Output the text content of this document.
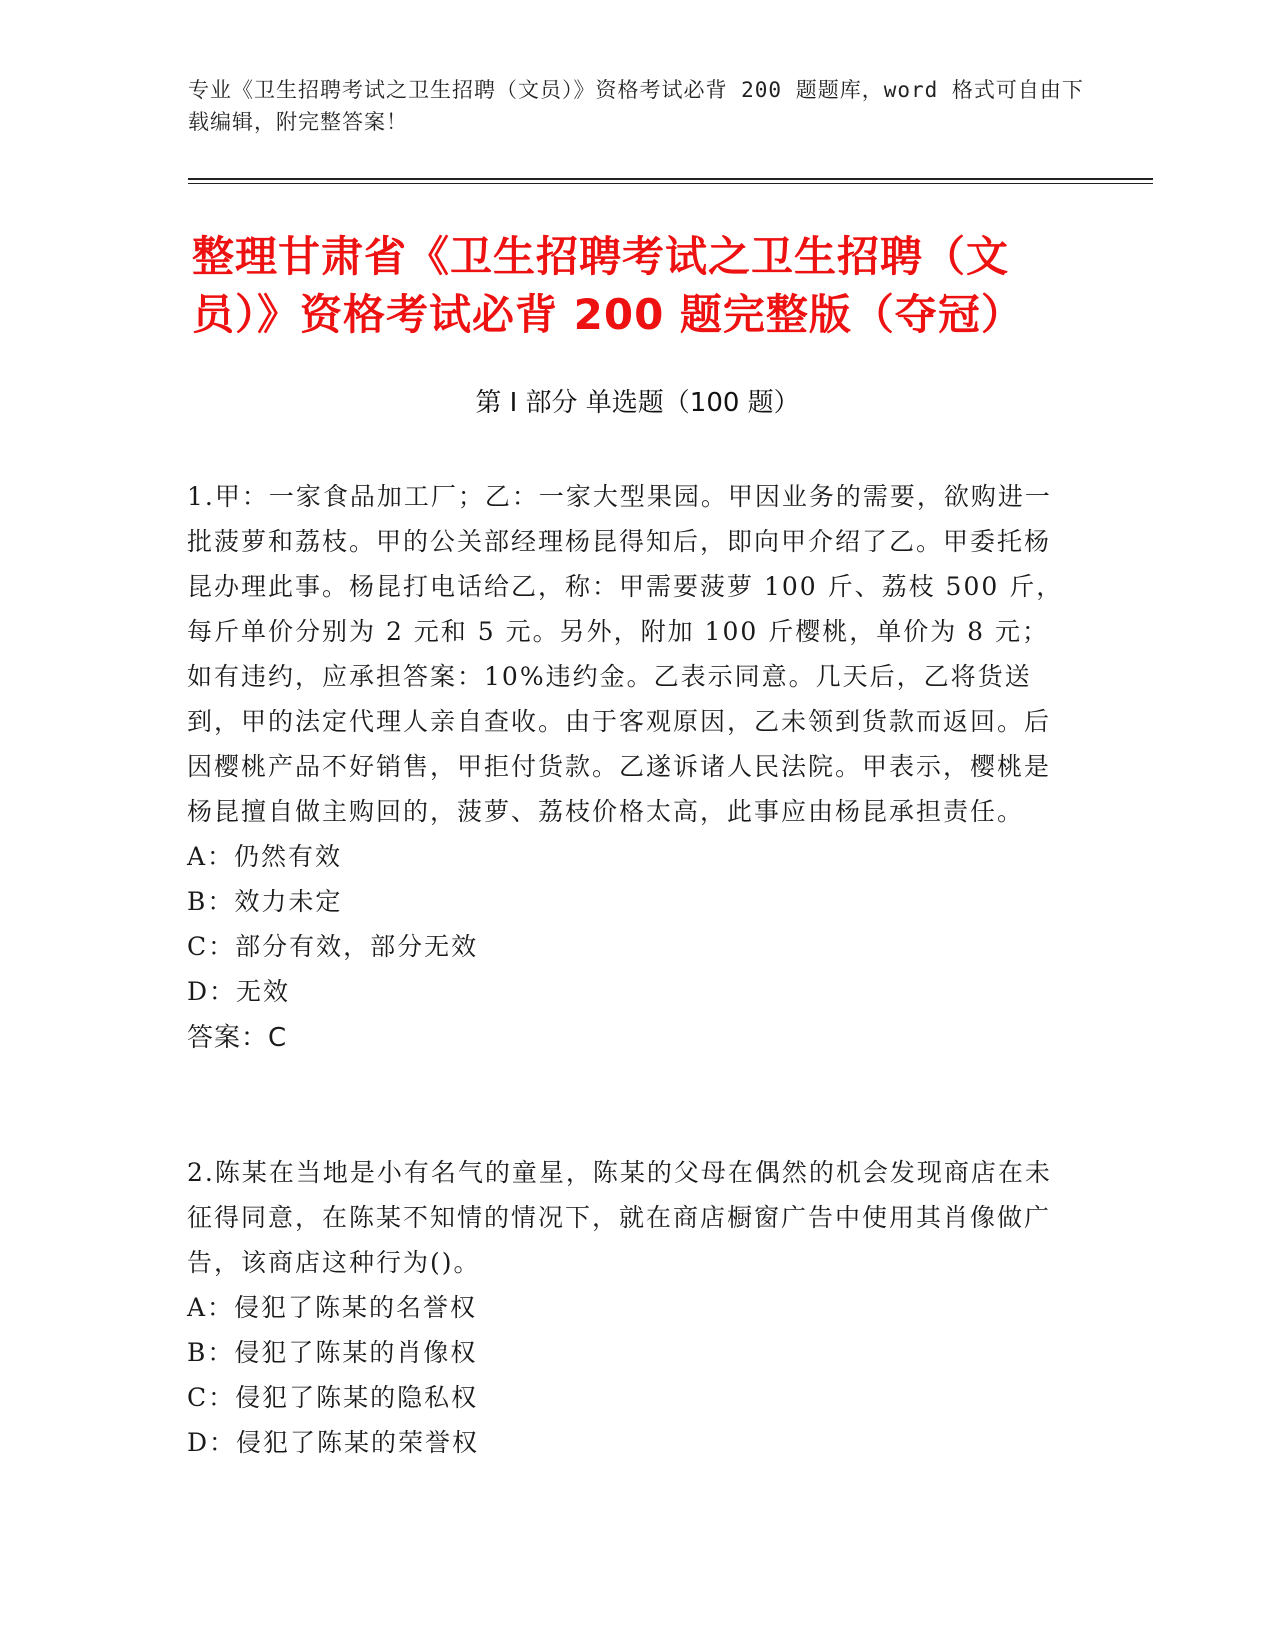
专业《卫生招聘考试之卫生招聘（文员）》资格考试必背 200 题题库，word 格式可自由下载编辑，附完整答案！
整理甘肃省《卫生招聘考试之卫生招聘（文员）》资格考试必背 200 题完整版（夺冠）
第 I 部分 单选题（100 题）
1.甲：一家食品加工厂；乙：一家大型果园。甲因业务的需要，欲购进一批菠萝和荔枝。甲的公关部经理杨昆得知后，即向甲介绍了乙。甲委托杨昆办理此事。杨昆打电话给乙，称：甲需要菠萝 100 斤、荔枝 500 斤，每斤单价分别为 2 元和 5 元。另外，附加 100 斤樱桃，单价为 8 元；如有违约，应承担答案：10%违约金。乙表示同意。几天后，乙将货送到，甲的法定代理人亲自查收。由于客观原因，乙未领到货款而返回。后因樱桃产品不好销售，甲拒付货款。乙遂诉诸人民法院。甲表示，樱桃是杨昆擅自做主购回的，菠萝、荔枝价格太高，此事应由杨昆承担责任。
A：仍然有效
B：效力未定
C：部分有效，部分无效
D：无效
答案：C
2.陈某在当地是小有名气的童星，陈某的父母在偶然的机会发现商店在未征得同意，在陈某不知情的情况下，就在商店橱窗广告中使用其肖像做广告，该商店这种行为()。
A：侵犯了陈某的名誉权
B：侵犯了陈某的肖像权
C：侵犯了陈某的隐私权
D：侵犯了陈某的荣誉权
